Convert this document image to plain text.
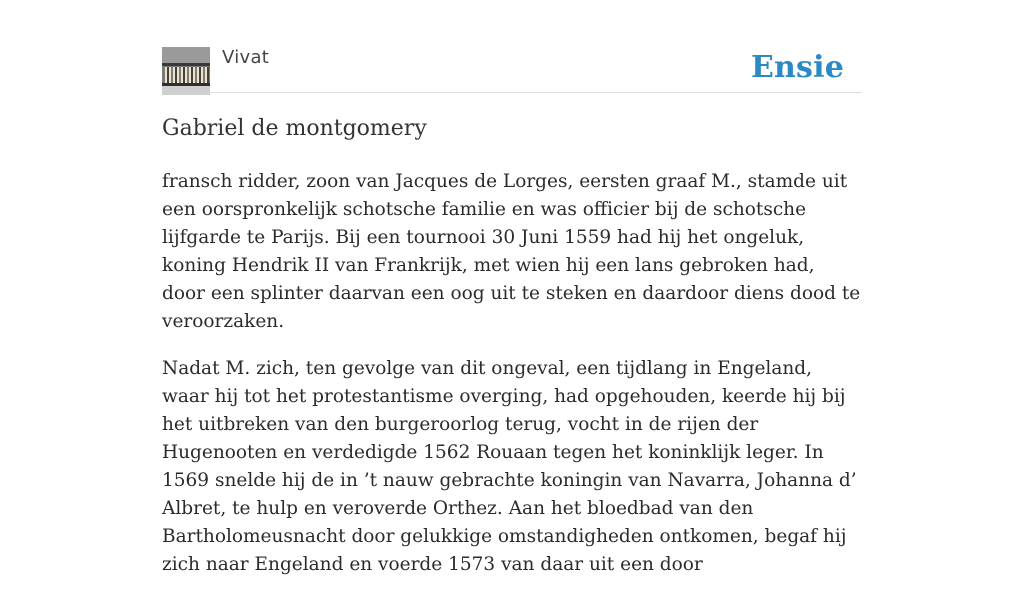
Vivat	Ensie
Gabriel de montgomery

fransch ridder, zoon van Jacques de Lorges, eersten graaf M., stamde uit een oorspronkelijk schotsche familie en was officier bij de schotsche lijfgarde te Parijs. Bij een tournooi 30 Juni 1559 had hij het ongeluk, koning Hendrik II van Frankrijk, met wien hij een lans gebroken had, door een splinter daarvan een oog uit te steken en daardoor diens dood te veroorzaken.

Nadat M. zich, ten gevolge van dit ongeval, een tijdlang in Engeland, waar hij tot het protestantisme overging, had opgehouden, keerde hij bij het uitbreken van den burgeroorlog terug, vocht in de rijen der Hugenooten en verdedigde 1562 Rouaan tegen het koninklijk leger. In 1569 snelde hij de in ’t nauw gebrachte koningin van Navarra, Johanna d’ Albret, te hulp en veroverde Orthez. Aan het bloedbad van den Bartholomeusnacht door gelukkige omstandigheden ontkomen, begaf hij zich naar Engeland en voerde 1573 van daar uit een door
